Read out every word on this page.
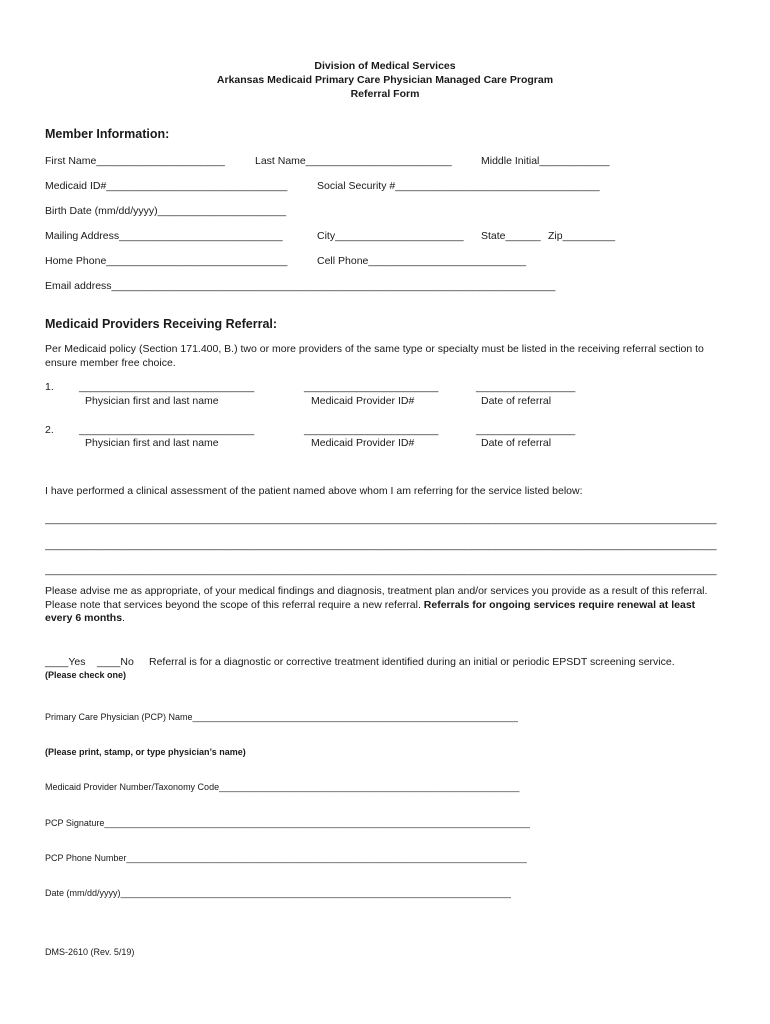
Division of Medical Services
Arkansas Medicaid Primary Care Physician Managed Care Program
Referral Form
Member Information:
First Name______________________	Last Name_________________________	Middle Initial____________
Medicaid ID#_______________________________	Social Security #___________________________________
Birth Date (mm/dd/yyyy)______________________
Mailing Address____________________________	City______________________ State______ Zip_________
Home Phone_______________________________	Cell Phone___________________________
Email address____________________________________________________________________________
Medicaid Providers Receiving Referral:
Per Medicaid policy (Section 171.400, B.) two or more providers of the same type or specialty must be listed in the receiving referral section to ensure member free choice.
1. ______________________________	_______________________	_________________
Physician first and last name	Medicaid Provider ID#	Date of referral
2. ______________________________	_______________________	_________________
Physician first and last name	Medicaid Provider ID#	Date of referral
I have performed a clinical assessment of the patient named above whom I am referring for the service listed below:
___________________________________________________________________________________________________________________
___________________________________________________________________________________________________________________
___________________________________________________________________________________________________________________
Please advise me as appropriate, of your medical findings and diagnosis, treatment plan and/or services you provide as a result of this referral. Please note that services beyond the scope of this referral require a new referral. Referrals for ongoing services require renewal at least every 6 months.
____Yes ____No Referral is for a diagnostic or corrective treatment identified during an initial or periodic EPSDT screening service.
(Please check one)
Primary Care Physician (PCP) Name_________________________________________________________________
(Please print, stamp, or type physician’s name)
Medicaid Provider Number/Taxonomy Code____________________________________________________________
PCP Signature_____________________________________________________________________________________
PCP Phone Number________________________________________________________________________________
Date (mm/dd/yyyy)______________________________________________________________________________
DMS-2610 (Rev. 5/19)
